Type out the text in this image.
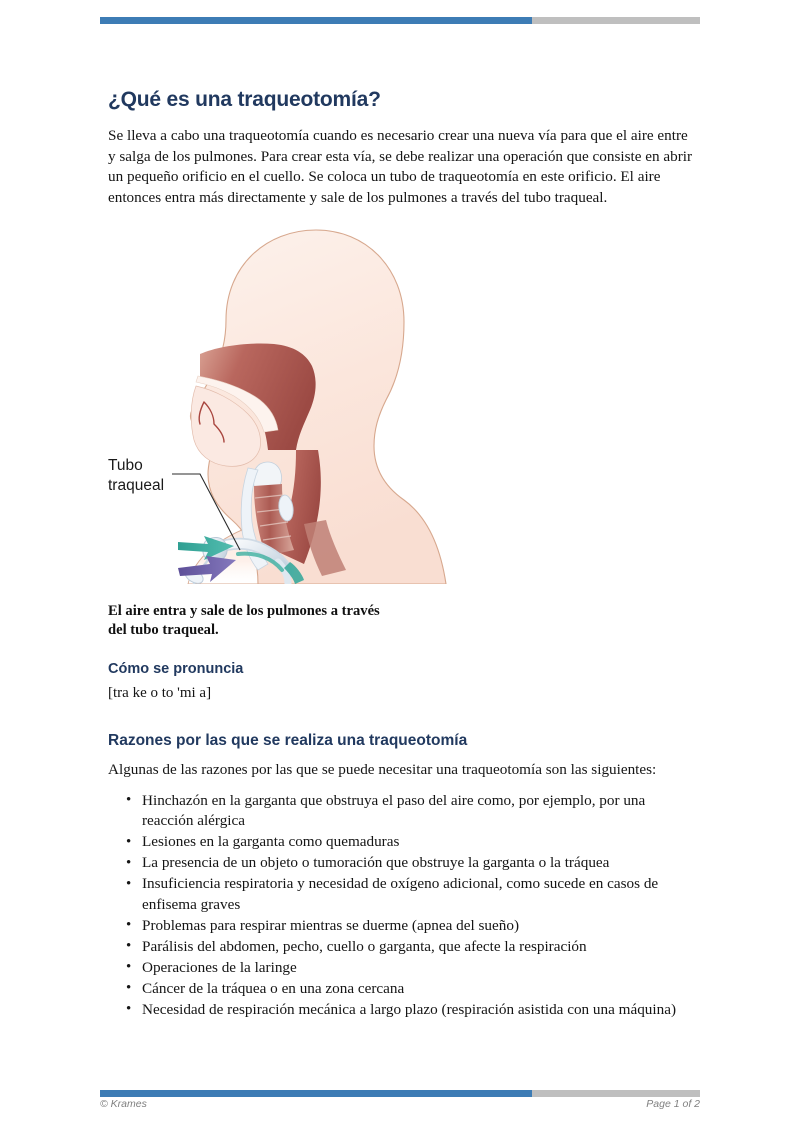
¿Qué es una traqueotomía?

Se lleva a cabo una traqueotomía cuando es necesario crear una nueva vía para que el aire entre y salga de los pulmones. Para crear esta vía, se debe realizar una operación que consiste en abrir un pequeño orificio en el cuello. Se coloca un tubo de traqueotomía en este orificio. El aire entonces entra más directamente y sale de los pulmones a través del tubo traqueal.

Tubo
traqueal

El aire entra y sale de los pulmones a través

del tubo traqueal.

Cómo se pronuncia

[tra ke o to 'mi a]

Razones por las que se realiza una traqueotomía

Algunas de las razones por las que se puede necesitar una traqueotomía son las siguientes:

• Hinchazón en la garganta que obstruya el paso del aire como, por ejemplo, por una reacción alérgica
• Lesiones en la garganta como quemaduras
• La presencia de un objeto o tumoración que obstruye la garganta o la tráquea
• Insuficiencia respiratoria y necesidad de oxígeno adicional, como sucede en casos de enfisema graves
• Problemas para respirar mientras se duerme (apnea del sueño)
• Parálisis del abdomen, pecho, cuello o garganta, que afecte la respiración
• Operaciones de la laringe
• Cáncer de la tráquea o en una zona cercana
• Necesidad de respiración mecánica a largo plazo (respiración asistida con una máquina)
© Krames	Page 1 of 2
